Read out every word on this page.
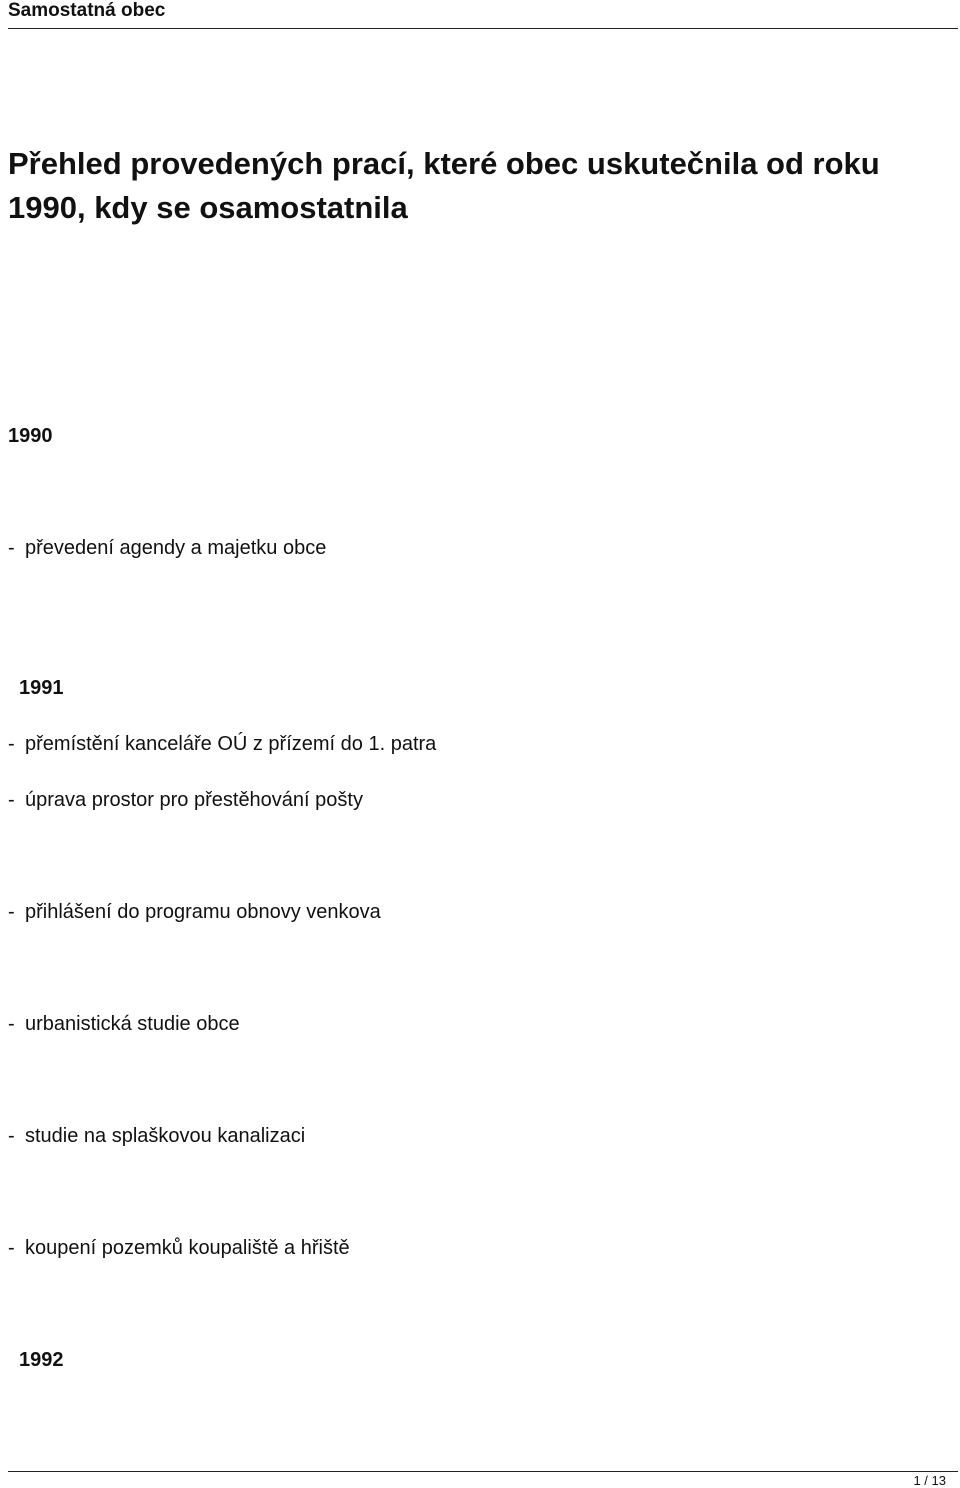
Samostatná obec
Přehled provedených prací, které obec uskutečnila od roku 1990, kdy se osamostatnila
1990
- převedení agendy a majetku obce
1991
- přemístění kanceláře OÚ z přízemí do 1. patra
- úprava prostor pro přestěhování pošty
- přihlášení do programu obnovy venkova
- urbanistická studie obce
- studie na splaškovou kanalizaci
- koupení pozemků koupaliště a hřiště
1992
1 / 13
